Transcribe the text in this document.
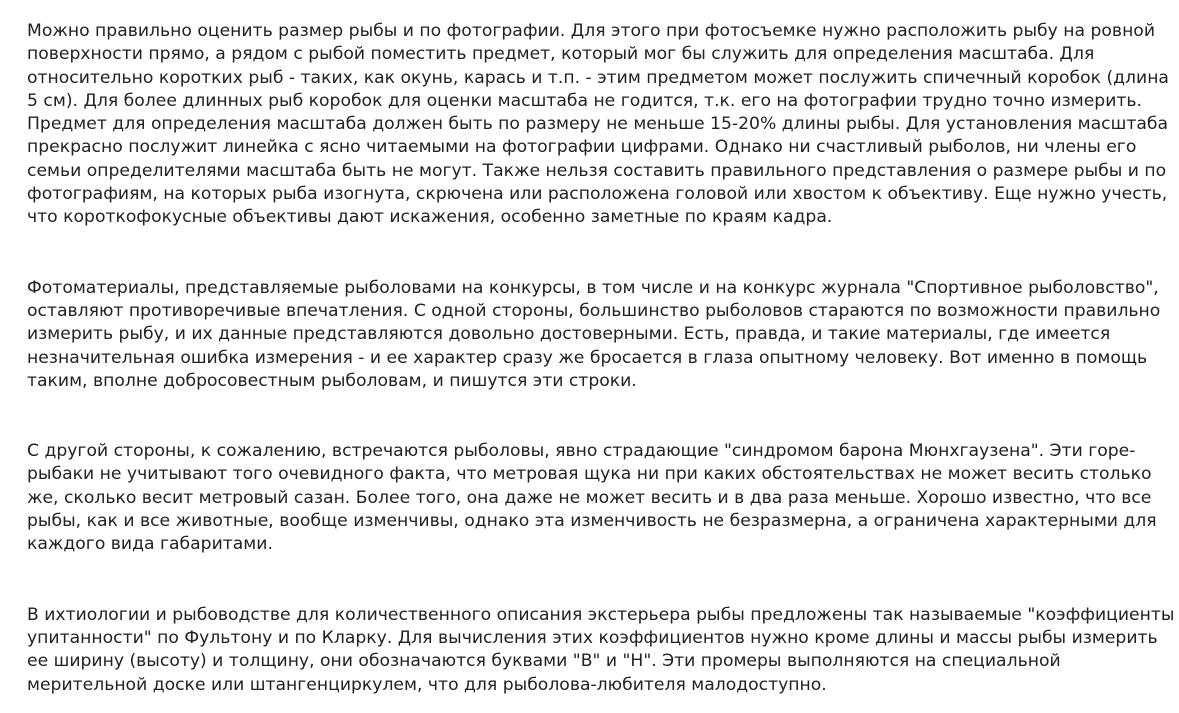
Можно правильно оценить размер рыбы и по фотографии. Для этого при фотосъемке нужно расположить рыбу на ровной поверхности прямо, а рядом с рыбой поместить предмет, который мог бы служить для определения масштаба. Для относительно коротких рыб - таких, как окунь, карась и т.п. - этим предметом может послужить спичечный коробок (длина 5 см). Для более длинных рыб коробок для оценки масштаба не годится, т.к. его на фотографии трудно точно измерить. Предмет для определения масштаба должен быть по размеру не меньше 15-20% длины рыбы. Для установления масштаба прекрасно послужит линейка с ясно читаемыми на фотографии цифрами. Однако ни счастливый рыболов, ни члены его семьи определителями масштаба быть не могут. Также нельзя составить правильного представления о размере рыбы и по фотографиям, на которых рыба изогнута, скрючена или расположена головой или хвостом к объективу. Еще нужно учесть, что короткофокусные объективы дают искажения, особенно заметные по краям кадра.

Фотоматериалы, представляемые рыболовами на конкурсы, в том числе и на конкурс журнала "Спортивное рыболовство", оставляют противоречивые впечатления. С одной стороны, большинство рыболовов стараются по возможности правильно измерить рыбу, и их данные представляются довольно достоверными. Есть, правда, и такие материалы, где имеется незначительная ошибка измерения - и ее характер сразу же бросается в глаза опытному человеку. Вот именно в помощь таким, вполне добросовестным рыболовам, и пишутся эти строки.

С другой стороны, к сожалению, встречаются рыболовы, явно страдающие "синдромом барона Мюнхгаузена". Эти горе-рыбаки не учитывают того очевидного факта, что метровая щука ни при каких обстоятельствах не может весить столько же, сколько весит метровый сазан. Более того, она даже не может весить и в два раза меньше. Хорошо известно, что все рыбы, как и все животные, вообще изменчивы, однако эта изменчивость не безразмерна, а ограничена характерными для каждого вида габаритами.

В ихтиологии и рыбоводстве для количественного описания экстерьера рыбы предложены так называемые "коэффициенты упитанности" по Фультону и по Кларку. Для вычисления этих коэффициентов нужно кроме длины и массы рыбы измерить ее ширину (высоту) и толщину, они обозначаются буквами "B" и "H". Эти промеры выполняются на специальной мерительной доске или штангенциркулем, что для рыболова-любителя малодоступно.
